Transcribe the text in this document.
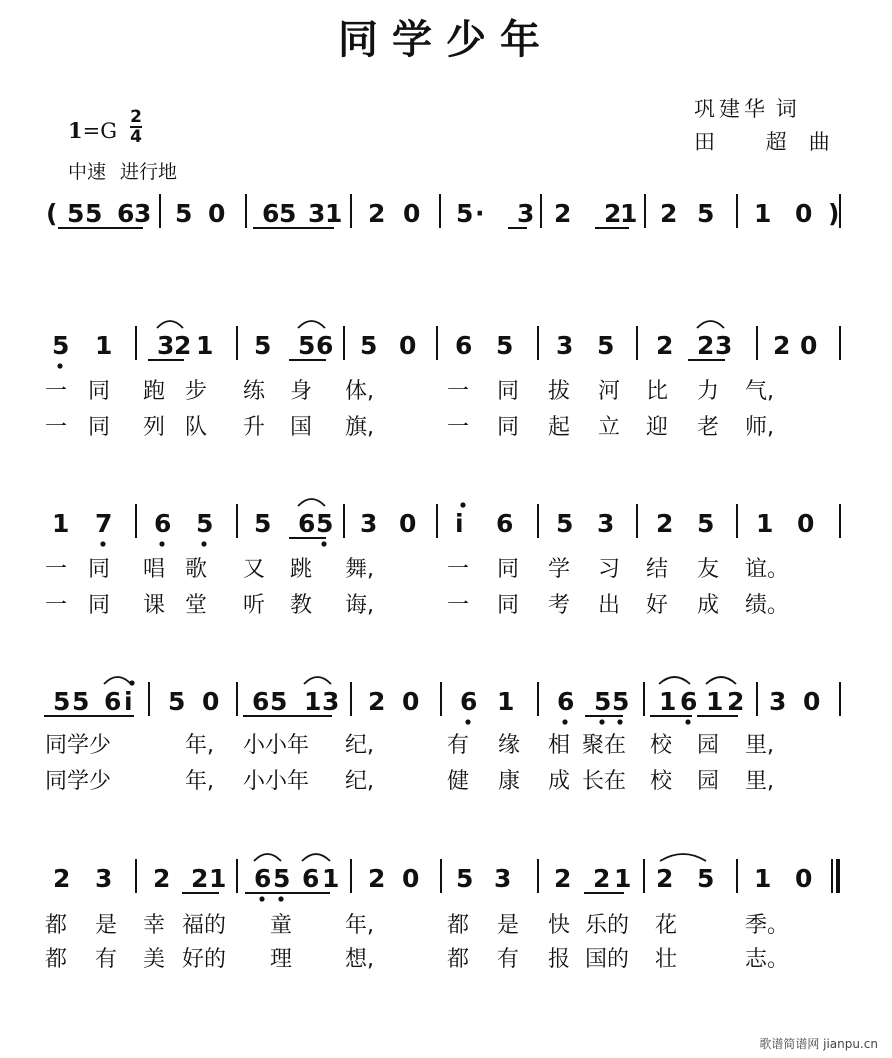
同学少年
1=G
2
4
中速 进行地
巩建华 词
田 超曲
( 5 5 6 3 5 0 6 5 3 1 2 0 5 · 3 2 2
1 2 5 1 0 )
5 1 3 2 1 5 5 6 5 0 6 5 3 5 2 2 3 2 0
1 7 6 5 5 6 5 3 0 i 6 5 3 2 5 1 0
5 5 6 i 5 0 6 5 1 3 2 0 6 1 6 5 5 1 6 1 2 3 0
2 3 2 2 1 6 5 6 1 2 0 5 3 2 2 1 2 5 1 0
一 同 跑 步 练 身 体,	一 同 拔 河 比 力 气,
一 同 列 队 升 国 旗,	一 同 起 立 迎 老 师,
一 同 唱 歌 又 跳 舞,	一 同 学 习 结 友 谊。
一 同 课 堂 听 教 诲,	一 同 考 出 好 成 绩。
同学少	年, 小小年 纪,	有 缘 相 聚在 校 园 里,
同学少	年, 小小年 纪,	健 康 成 长在 校 园 里,
都 是 幸 福的 童 年,	都 是 快 乐的 花	季。
都 有 美 好的 理 想,	都 有 报 国的 壮	志。
歌谱简谱网 jianpu.cn
